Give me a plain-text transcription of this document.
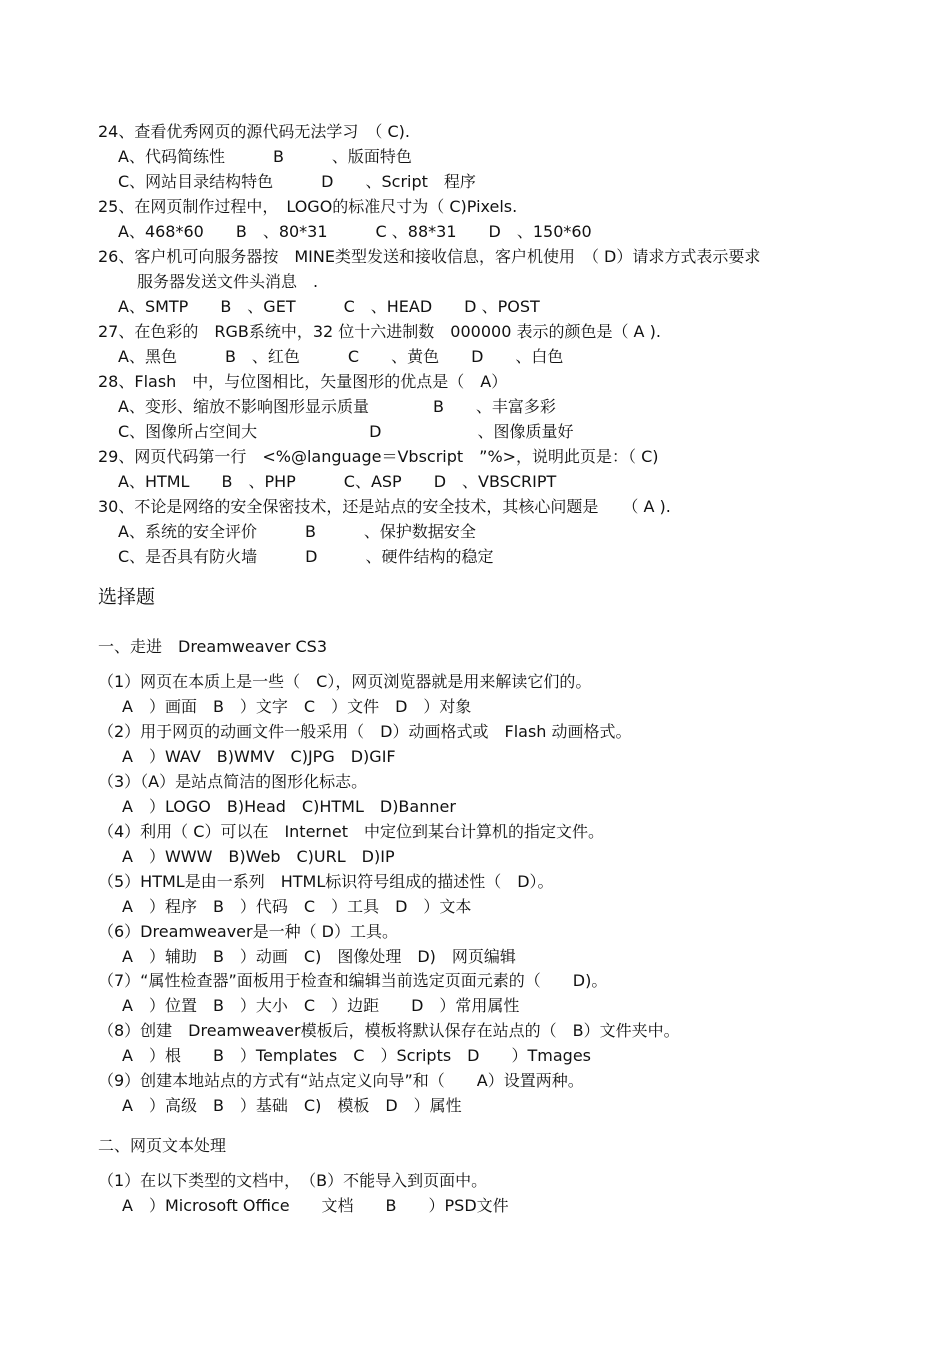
24、查看优秀网页的源代码无法学习　（ C).
A、代码简练性　　　B　　　、版面特色
C、网站目录结构特色　　　D　　、Script　程序
25、在网页制作过程中，　LOGO的标准尺寸为（ C)Pixels.
A、468*60　　B　、80*31　　　C 、88*31　　D　、150*60
26、客户机可向服务器按　MINE类型发送和接收信息，客户机使用　（ D）请求方式表示要求
服务器发送文件头消息　.
A、SMTP　　B　、GET　　　C　、HEAD　　D 、POST
27、在色彩的　RGB系统中，32 位十六进制数　000000 表示的颜色是（ A ).
A、黑色　　　B　、红色　　　C　　、黄色　　D　　、白色
28、Flash　中，与位图相比，矢量图形的优点是（　A）
A、变形、缩放不影响图形显示质量　　　　B　　、丰富多彩
C、图像所占空间大　　　　　　　D　　　　　　、图像质量好
29、网页代码第一行　<%@language＝Vbscript　”%>，说明此页是：（ C)
A、HTML　　B　、PHP　　　C、ASP　　D　、VBSCRIPT
30、不论是网络的安全保密技术，还是站点的安全技术，其核心问题是　　（ A ).
A、系统的安全评价　　　B　　　、保护数据安全
C、是否具有防火墙　　　D　　　、硬件结构的稳定
选择题
一、走进　Dreamweaver CS3
（1）网页在本质上是一些（　C），网页浏览器就是用来解读它们的。
A　）画面　B　）文字　C　）文件　D　）对象
（2）用于网页的动画文件一般采用（　D）动画格式或　Flash 动画格式。
A　）WAV　B)WMV　C)JPG　D)GIF
（3）（A）是站点简洁的图形化标志。
A　）LOGO　B)Head　C)HTML　D)Banner
（4）利用（ C）可以在　Internet　中定位到某台计算机的指定文件。
A　）WWW　B)Web　C)URL　D)IP
（5）HTML是由一系列　HTML标识符号组成的描述性（　D）。
A　）程序　B　）代码　C　）工具　D　）文本
（6）Dreamweaver是一种（ D）工具。
A　）辅助　B　）动画　C)　图像处理　D)　网页编辑
（7）“属性检查器”面板用于检查和编辑当前选定页面元素的（　　D)。
A　）位置　B　）大小　C　）边距　　D　）常用属性
（8）创建　Dreamweaver模板后，模板将默认保存在站点的（　B）文件夹中。
A　）根　　B　）Templates　C　）Scripts　D　　）Tmages
（9）创建本地站点的方式有“站点定义向导”和（　　A）设置两种。
A　）高级　B　）基础　C)　模板　D　）属性
二、网页文本处理
（1）在以下类型的文档中，　（B）不能导入到页面中。
A　）Microsoft Office　　文档　　B　　）PSD文件
